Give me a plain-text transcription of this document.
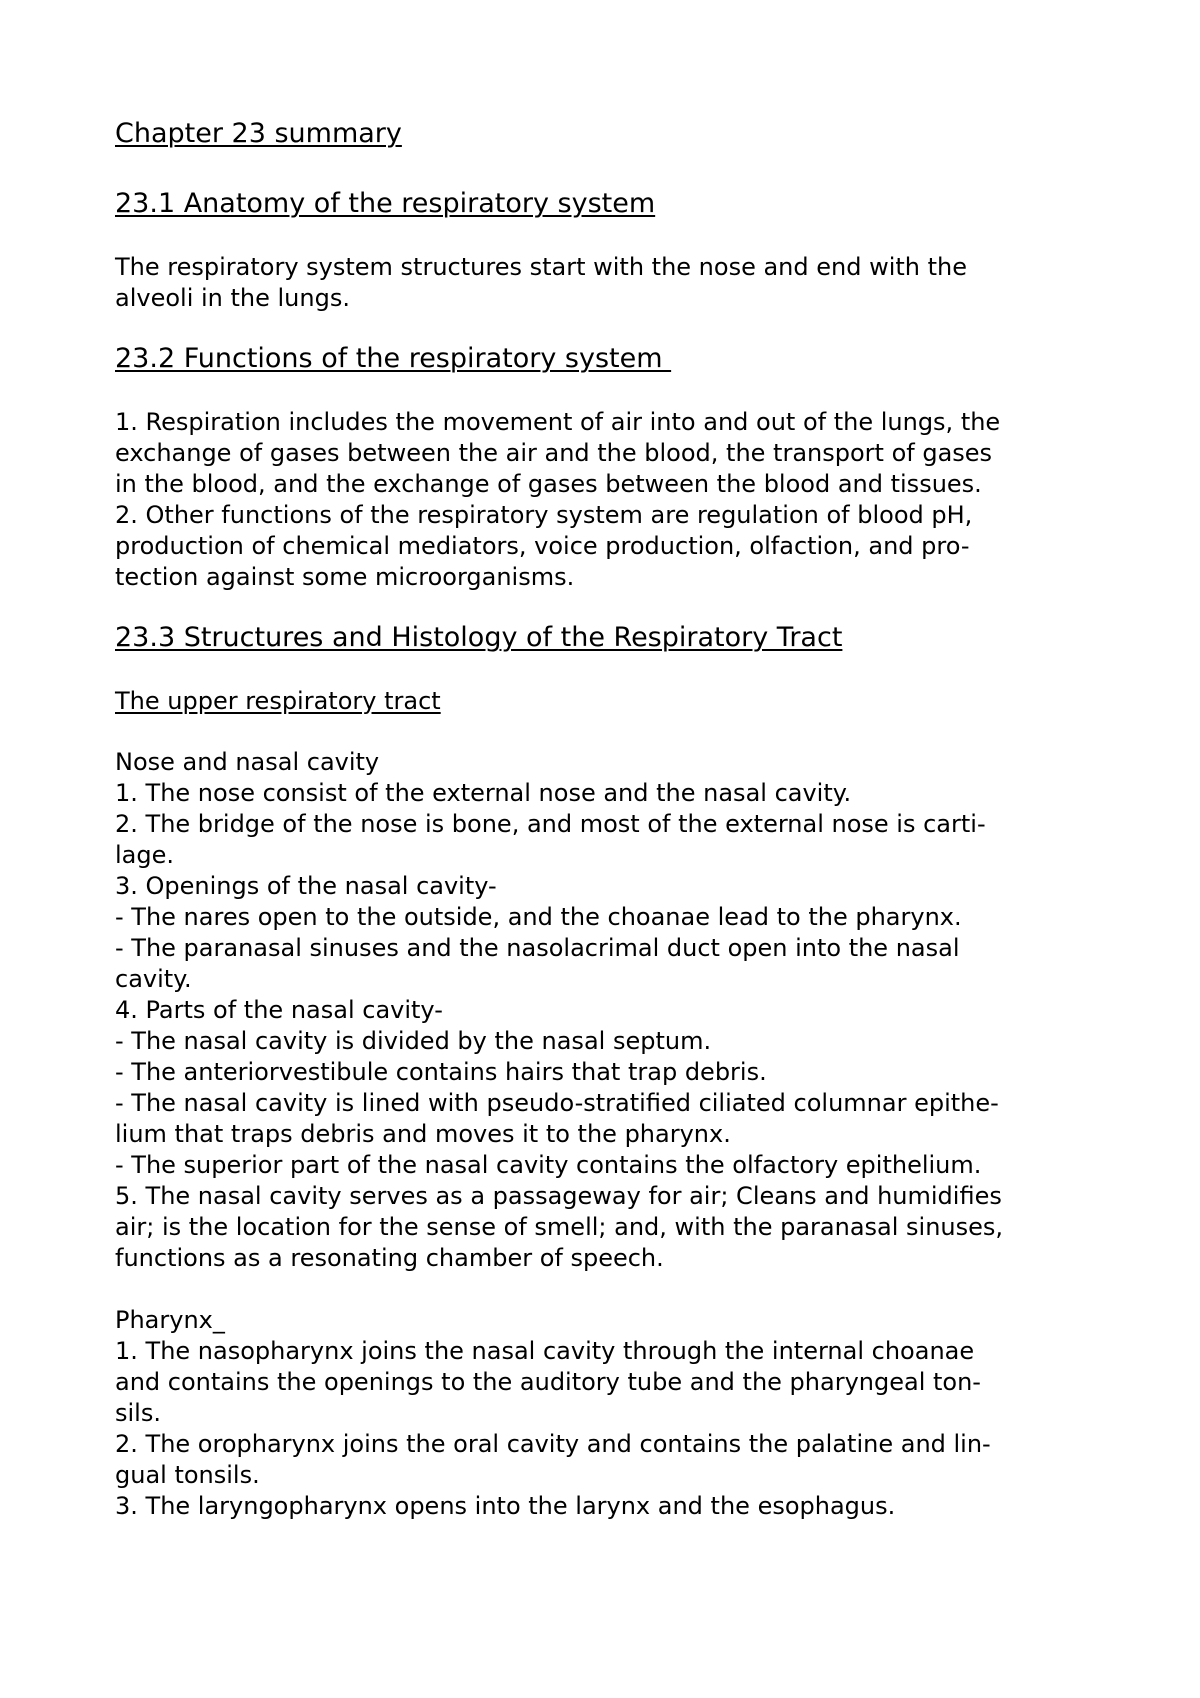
Chapter 23 summary
23.1 Anatomy of the respiratory system
The respiratory system structures start with the nose and end with the
alveoli in the lungs.
23.2 Functions of the respiratory system
1. Respiration includes the movement of air into and out of the lungs, the
exchange of gases between the air and the blood, the transport of gases
in the blood, and the exchange of gases between the blood and tissues.
2. Other functions of the respiratory system are regulation of blood pH,
production of chemical mediators, voice production, olfaction, and pro-
tection against some microorganisms.
23.3 Structures and Histology of the Respiratory Tract
The upper respiratory tract
Nose and nasal cavity
1. The nose consist of the external nose and the nasal cavity.
2. The bridge of the nose is bone, and most of the external nose is carti-
lage.
3. Openings of the nasal cavity-
- The nares open to the outside, and the choanae lead to the pharynx.
- The paranasal sinuses and the nasolacrimal duct open into the nasal
cavity.
4. Parts of the nasal cavity-
- The nasal cavity is divided by the nasal septum.
- The anteriorvestibule contains hairs that trap debris.
- The nasal cavity is lined with pseudo-stratified ciliated columnar epithe-
lium that traps debris and moves it to the pharynx.
- The superior part of the nasal cavity contains the olfactory epithelium.
5. The nasal cavity serves as a passageway for air; Cleans and humidifies
air; is the location for the sense of smell; and, with the paranasal sinuses,
functions as a resonating chamber of speech.
Pharynx_
1. The nasopharynx joins the nasal cavity through the internal choanae
and contains the openings to the auditory tube and the pharyngeal ton-
sils.
2. The oropharynx joins the oral cavity and contains the palatine and lin-
gual tonsils.
3. The laryngopharynx opens into the larynx and the esophagus.
